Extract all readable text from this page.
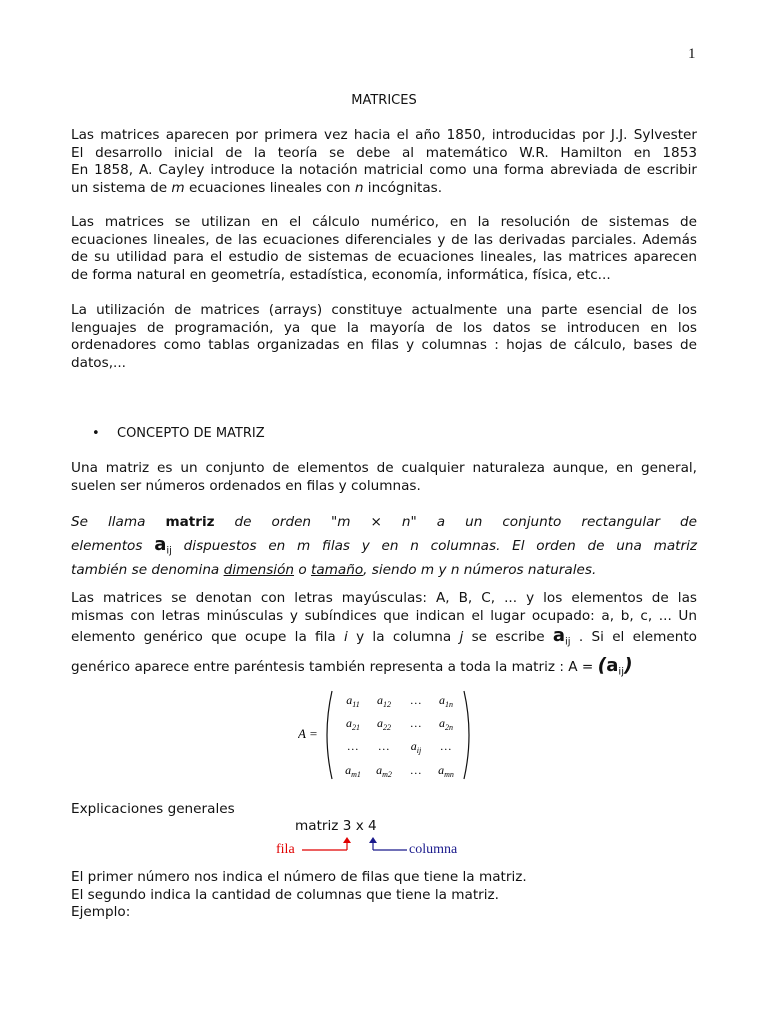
1
MATRICES
Las matrices aparecen por primera vez hacia el año 1850, introducidas por J.J. Sylvester
El desarrollo inicial de la teoría se debe al matemático W.R. Hamilton en 1853
En 1858, A. Cayley introduce la notación matricial como una forma abreviada de escribir
un sistema de m ecuaciones lineales con n incógnitas.
Las matrices se utilizan en el cálculo numérico, en la resolución de sistemas de
ecuaciones lineales, de las ecuaciones diferenciales y de las derivadas parciales. Además
de su utilidad para el estudio de sistemas de ecuaciones lineales, las matrices aparecen
de forma natural en geometría, estadística, economía, informática, física, etc...
La utilización de matrices (arrays) constituye actualmente una parte esencial de los
lenguajes de programación, ya que la mayoría de los datos se introducen en los
ordenadores como tablas organizadas en filas y columnas : hojas de cálculo, bases de
datos,...
• CONCEPTO DE MATRIZ
Una matriz es un conjunto de elementos de cualquier naturaleza aunque, en general,
suelen ser números ordenados en filas y columnas.
Se llama matriz de orden "m × n" a un conjunto rectangular de
elementos $a_{ij}$ dispuestos en m filas y en n columnas. El orden de una matriz
también se denomina dimensión o tamaño, siendo m y n números naturales.
Las matrices se denotan con letras mayúsculas: A, B, C, ... y los elementos de las
mismas con letras minúsculas y subíndices que indican el lugar ocupado: a, b, c, ... Un
elemento genérico que ocupe la fila i y la columna j se escribe $a_{ij}$ . Si el elemento
genérico aparece entre paréntesis también representa a toda la matriz : $A = (a_{ij})$
A =
$a_{11}$ $a_{12}$ … $a_{1n}$
$a_{21}$ $a_{22}$ … $a_{2n}$
… … $a_{ij}$ …
$a_{m1}$ $a_{m2}$ … $a_{mn}$
Explicaciones generales
matriz 3 x 4
fila	columna
El primer número nos indica el número de filas que tiene la matriz.
El segundo indica la cantidad de columnas que tiene la matriz.
Ejemplo:
